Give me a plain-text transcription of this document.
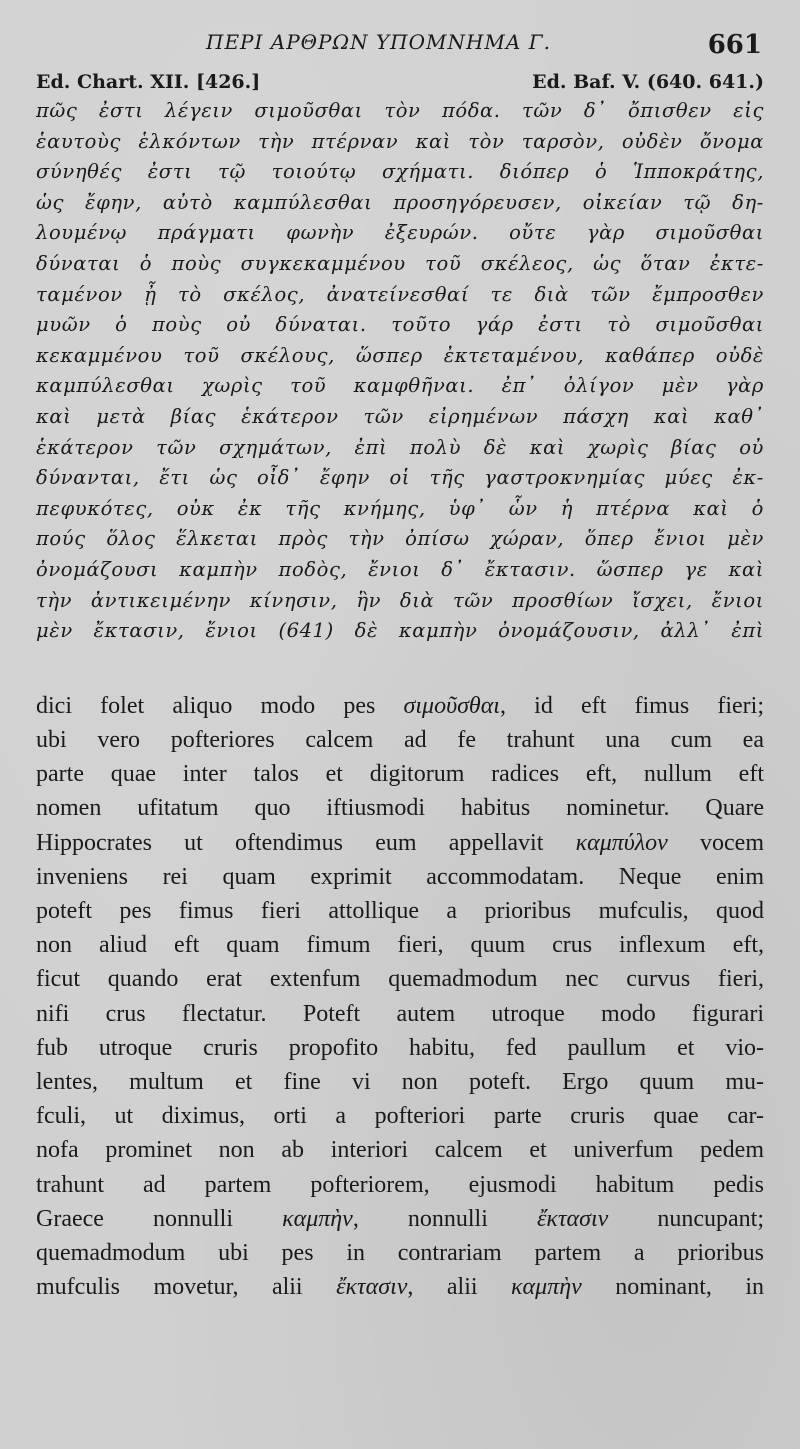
ΠΕΡΙ ΑΡΘΡΩΝ ΥΠΟΜΝΗΜΑ Γ.	661
Ed. Chart. XII. [426.]	Ed. Baf. V. (640. 641.)
πῶς ἐστι λέγειν σιμοῦσθαι τὸν πόδα. τῶν δ᾽ ὄπισθεν εἰς
ἑαυτοὺς ἑλκόντων τὴν πτέρναν καὶ τὸν ταρσὸν, οὐδὲν ὄνομα
σύνηθές ἐστι τῷ τοιούτῳ σχήματι. διόπερ ὁ Ἱπποκράτης,
ὡς ἔφην, αὐτὸ καμπύλεσθαι προσηγόρευσεν, οἰκείαν τῷ δη-
λουμένῳ πράγματι φωνὴν ἐξευρών. οὔτε γὰρ σιμοῦσθαι
δύναται ὁ ποὺς συγκεκαμμένου τοῦ σκέλεος, ὡς ὅταν ἐκτε-
ταμένον ᾖ τὸ σκέλος, ἀνατείνεσθαί τε διὰ τῶν ἔμπροσθεν
μυῶν ὁ ποὺς οὐ δύναται. τοῦτο γάρ ἐστι τὸ σιμοῦσθαι
κεκαμμένου τοῦ σκέλους, ὥσπερ ἐκτεταμένου, καθάπερ οὐδὲ
καμπύλεσθαι χωρὶς τοῦ καμφθῆναι. ἐπ᾽ ὀλίγον μὲν γὰρ
καὶ μετὰ βίας ἑκάτερον τῶν εἰρημένων πάσχη καὶ καθ᾽
ἑκάτερον τῶν σχημάτων, ἐπὶ πολὺ δὲ καὶ χωρὶς βίας οὐ
δύνανται, ἔτι ὡς οἶδ᾽ ἔφην οἱ τῆς γαστροκνημίας μύες ἐκ-
πεφυκότες, οὐκ ἐκ τῆς κνήμης, ὑφ᾽ ὧν ἡ πτέρνα καὶ ὁ
πούς ὅλος ἕλκεται πρὸς τὴν ὀπίσω χώραν, ὅπερ ἔνιοι μὲν
ὀνομάζουσι καμπὴν ποδὸς, ἔνιοι δ᾽ ἔκτασιν. ὥσπερ γε καὶ
τὴν ἀντικειμένην κίνησιν, ἣν διὰ τῶν προσθίων ἴσχει, ἔνιοι
μὲν ἔκτασιν, ἔνιοι (641) δὲ καμπὴν ὀνομάζουσιν, ἀλλ᾽ ἐπὶ
dici folet aliquo modo pes σιμοῦσθαι, id eft fimus fieri;
ubi vero pofteriores calcem ad fe trahunt una cum ea
parte quae inter talos et digitorum radices eft, nullum eft
nomen ufitatum quo iftiusmodi habitus nominetur. Quare
Hippocrates ut oftendimus eum appellavit καμπύλον vocem
inveniens rei quam exprimit accommodatam. Neque enim
poteft pes fimus fieri attollique a prioribus mufculis, quod
non aliud eft quam fimum fieri, quum crus inflexum eft,
ficut quando erat extenfum quemadmodum nec curvus fieri,
nifi crus flectatur. Poteft autem utroque modo figurari
fub utroque cruris propofito habitu, fed paullum et vio-
lentes, multum et fine vi non poteft. Ergo quum mu-
fculi, ut diximus, orti a pofteriori parte cruris quae car-
nofa prominet non ab interiori calcem et univerfum pedem
trahunt ad partem pofteriorem, ejusmodi habitum pedis
Graece nonnulli καμπὴν, nonnulli ἔκτασιν nuncupant;
quemadmodum ubi pes in contrariam partem a prioribus
mufculis movetur, alii ἔκτασιν, alii καμπὴν nominant, in
